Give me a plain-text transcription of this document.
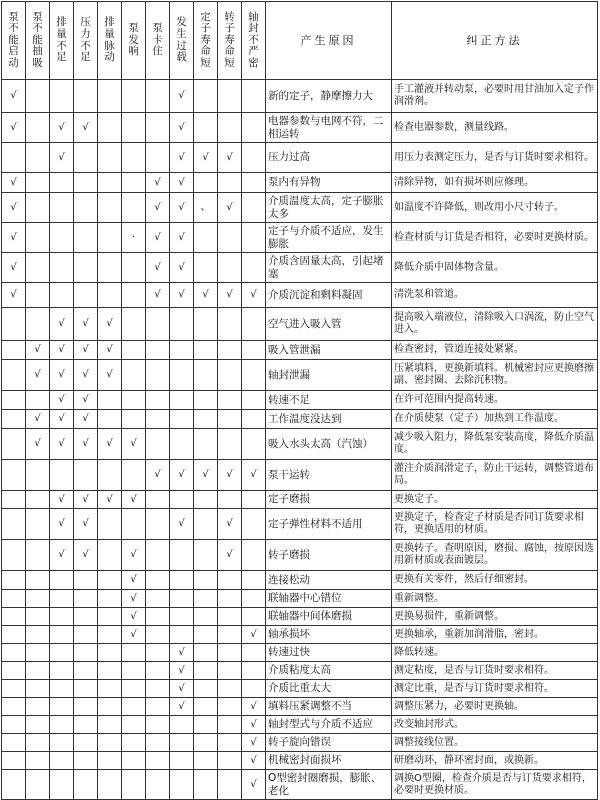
泵不能启动	泵不能抽吸	排量不足	压力不足	排量脉动	泵发响	泵卡住	发生过载	定子寿命短	转子寿命短	轴封不严密	产生原因	纠正方法
√							√				新的定子，静摩擦力大	手工灌液并转动泵，必要时用甘油加入定子作润滑剂。
√		√	√				√				电器参数与电网不符，二相运转	检查电器参数，测量线路。
		√					√	√	√		压力过高	用压力表测定压力，是否与订货时要求相符。
√						√	√				泵内有异物	清除异物，如有损坏则应修理。
√						√	√	、	√		介质温度太高，定子膨胀太多	如温度不许降低，则改用小尺寸转子。
√					·	√	√				定子与介质不适应，发生膨胀	检查材质与订货是否相符，必要时更换材质。
√						√	√				介质含固量太高，引起堵塞	降低介质中固体物含量。
√						√	√	√	√	√	介质沉淀和剩料凝固	清洗泵和管道。
		√	√	√							空气进入吸入管	提高吸入端液位，清除吸入口涡流，防止空气进入。
	√	√	√	√							吸入管泄漏	检查密封，管道连接处紧紧。
	√	√	√	√							轴封泄漏	压紧填料，更换新填料。机械密封应更换磨擦副、密封圈、去除沉积物。
		√	√								转速不足	在许可范围内提高转速。
	√	√	√								工作温度没达到	在介质使泵（定子）加热到工作温度。
	√	√	√	√	√						吸入水头太高（汽蚀）	减少吸入阻力，降低泵安装高度，降低介质温度。
						√	√	√	√	√	泵干运转	灌注介质润滑定子，防止干运转，调整管道布局。
		√	√	√	√						定子磨损	更换定子。
		√	√				√		√		定子弹性材料不适用	更换定子，检查定子材质是否同订货要求相符，更换适用的材质。
		√	√		√				√		转子磨损	更换转子。查明原因，磨损、腐蚀，按原因选用新材质或表面镀层。
					√						连接松动	更换有关零件，然后仔细密封。
					√						联轴器中心错位	重新调整。
					√						联轴器中间体磨损	更换易损件，重新调整。
					√					√	轴承损坏	更换轴承，重新加润滑脂，密封。
							√				转速过快	降低转速。
							√				介质粘度太高	测定粘度，是否与订货时要求相符。
							√				介质比重太大	测定比重，是否与订货时要求相符。
							√			√	填料压紧调整不当	调整压紧力，必要时更换轴。
										√	轴封型式与介质不适应	改变轴封形式。
										√	转子旋向错误	调整接线位置。
										√	机械密封面损坏	研磨动环，静环密封面，或换新。
										√	O型密封圈磨损，膨胀、老化	调换O型圈，检查介质是否与订货要求相符，必要时更换材质。
